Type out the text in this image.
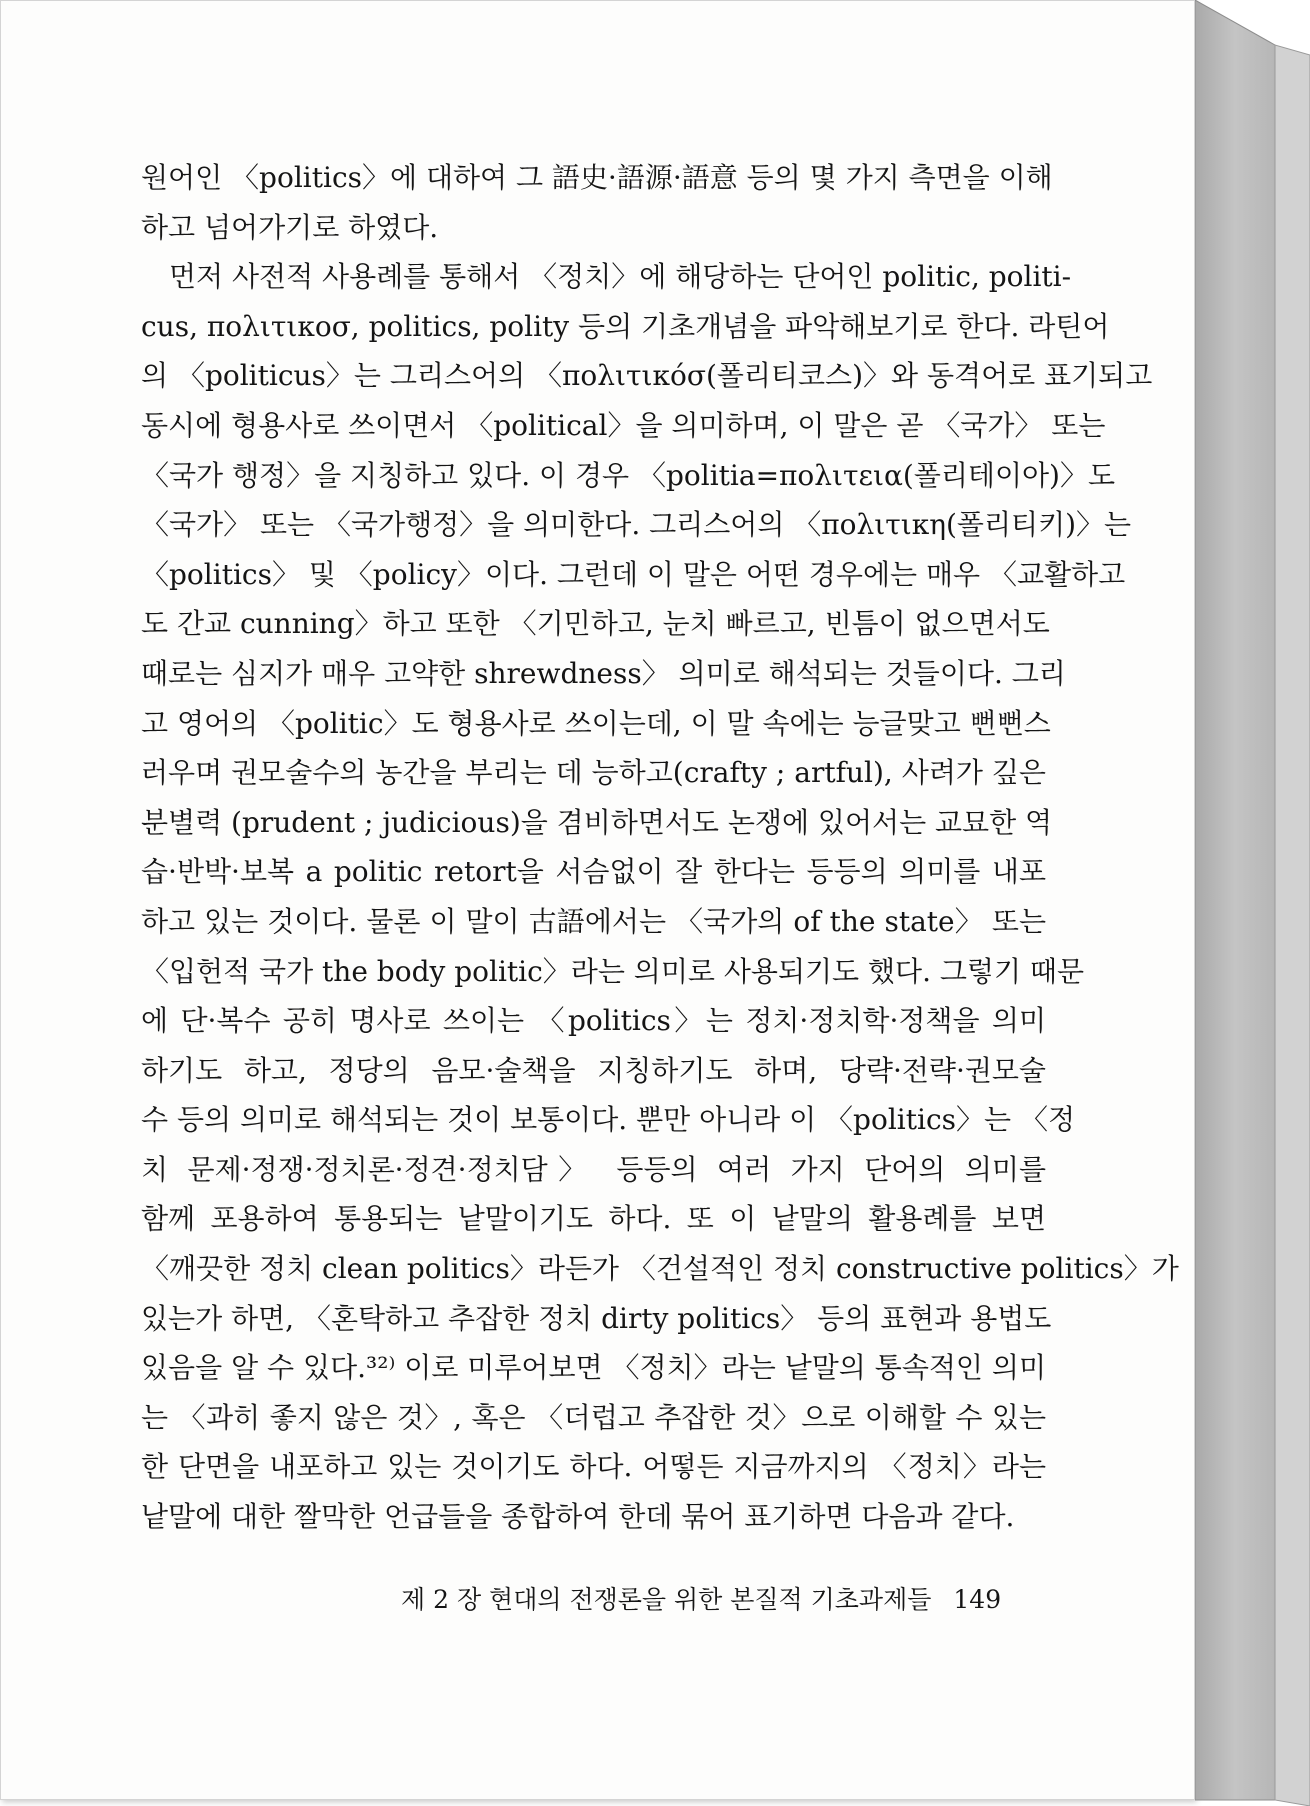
원어인 〈politics〉에 대하여 그 語史·語源·語意 등의 몇 가지 측면을 이해
하고 넘어가기로 하였다.
먼저 사전적 사용례를 통해서 〈정치〉에 해당하는 단어인 politic, politi-
cus, πολιτικοσ, politics, polity 등의 기초개념을 파악해보기로 한다. 라틴어
의 〈politicus〉는 그리스어의 〈πολιτικόσ(폴리티코스)〉와 동격어로 표기되고
동시에 형용사로 쓰이면서 〈political〉을 의미하며, 이 말은 곧 〈국가〉 또는
〈국가 행정〉을 지칭하고 있다. 이 경우 〈politia=πολιτεια(폴리테이아)〉도
〈국가〉 또는 〈국가행정〉을 의미한다. 그리스어의 〈πολιτικη(폴리티키)〉는
〈politics〉 및 〈policy〉이다. 그런데 이 말은 어떤 경우에는 매우 〈교활하고
도 간교 cunning〉하고 또한 〈기민하고, 눈치 빠르고, 빈틈이 없으면서도
때로는 심지가 매우 고약한 shrewdness〉 의미로 해석되는 것들이다. 그리
고 영어의 〈politic〉도 형용사로 쓰이는데, 이 말 속에는 능글맞고 뻔뻔스
러우며 권모술수의 농간을 부리는 데 능하고(crafty ; artful), 사려가 깊은
분별력 (prudent ; judicious)을 겸비하면서도 논쟁에 있어서는 교묘한 역
습·반박·보복 a politic retort을 서슴없이 잘 한다는 등등의 의미를 내포
하고 있는 것이다. 물론 이 말이 古語에서는 〈국가의 of the state〉 또는
〈입헌적 국가 the body politic〉라는 의미로 사용되기도 했다. 그렇기 때문
에 단·복수 공히 명사로 쓰이는 〈politics〉는 정치·정치학·정책을 의미
하기도 하고, 정당의 음모·술책을 지칭하기도 하며, 당략·전략·권모술
수 등의 의미로 해석되는 것이 보통이다. 뿐만 아니라 이 〈politics〉는 〈정
치 문제·정쟁·정치론·정견·정치담〉 등등의 여러 가지 단어의 의미를
함께 포용하여 통용되는 낱말이기도 하다. 또 이 낱말의 활용례를 보면
〈깨끗한 정치 clean politics〉라든가 〈건설적인 정치 constructive politics〉가
있는가 하면, 〈혼탁하고 추잡한 정치 dirty politics〉 등의 표현과 용법도
있음을 알 수 있다.³²⁾ 이로 미루어보면 〈정치〉라는 낱말의 통속적인 의미
는 〈과히 좋지 않은 것〉, 혹은 〈더럽고 추잡한 것〉으로 이해할 수 있는
한 단면을 내포하고 있는 것이기도 하다. 어떻든 지금까지의 〈정치〉라는
낱말에 대한 짤막한 언급들을 종합하여 한데 묶어 표기하면 다음과 같다.
제 2 장 현대의 전쟁론을 위한 본질적 기초과제들 149
